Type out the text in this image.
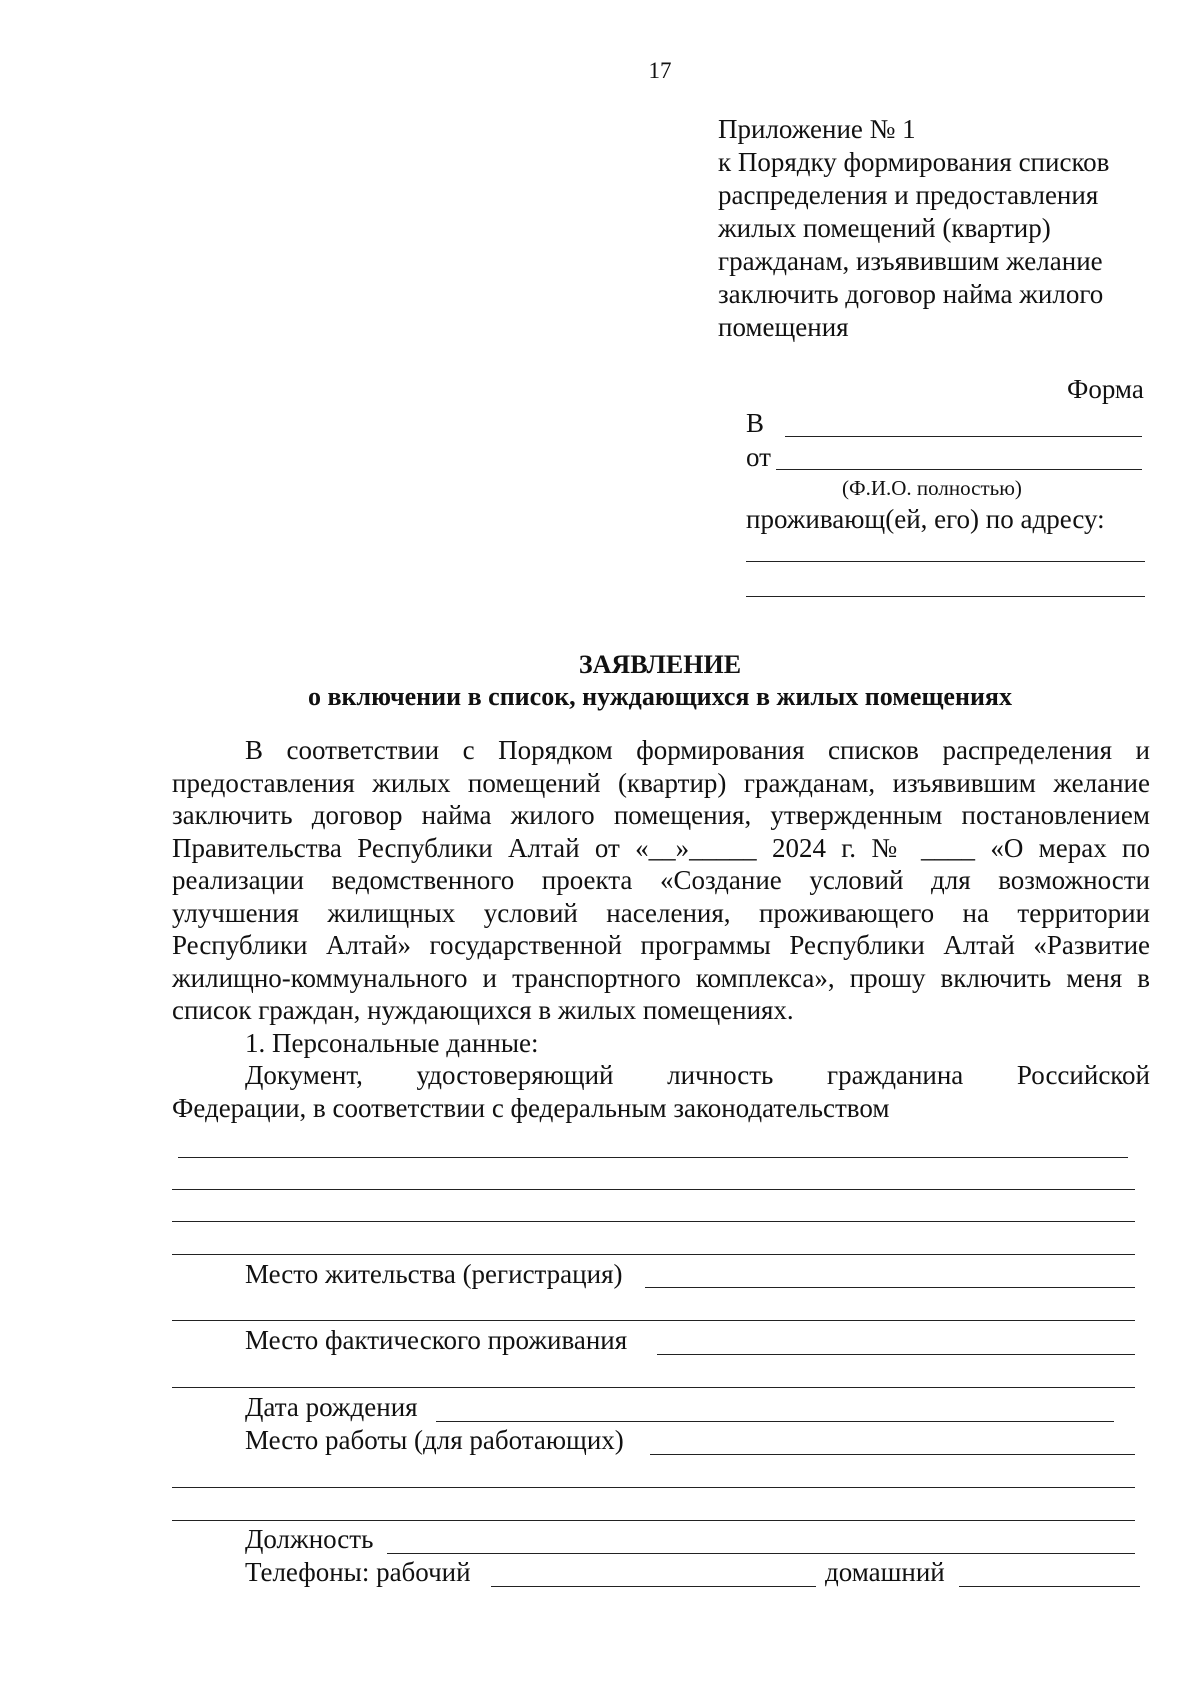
17
Приложение № 1
к Порядку формирования списков
распределения и предоставления
жилых помещений (квартир)
гражданам, изъявившим желание
заключить договор найма жилого
помещения
Форма
В
от
(Ф.И.О. полностью)
проживающ(ей, его) по адресу:
ЗАЯВЛЕНИЕ
о включении в список, нуждающихся в жилых помещениях
В соответствии с Порядком формирования списков распределения и
предоставления жилых помещений (квартир) гражданам, изъявившим желание
заключить договор найма жилого помещения, утвержденным постановлением
Правительства Республики Алтай от «__»_____ 2024 г. № ____ «О мерах по
реализации ведомственного проекта «Создание условий для возможности
улучшения жилищных условий населения, проживающего на территории
Республики Алтай» государственной программы Республики Алтай «Развитие
жилищно-коммунального и транспортного комплекса», прошу включить меня в
список граждан, нуждающихся в жилых помещениях.
1. Персональные данные:
Документ, удостоверяющий личность гражданина Российской
Федерации, в соответствии с федеральным законодательством
Место жительства (регистрация)
Место фактического проживания
Дата рождения
Место работы (для работающих)
Должность
Телефоны: рабочий	домашний
